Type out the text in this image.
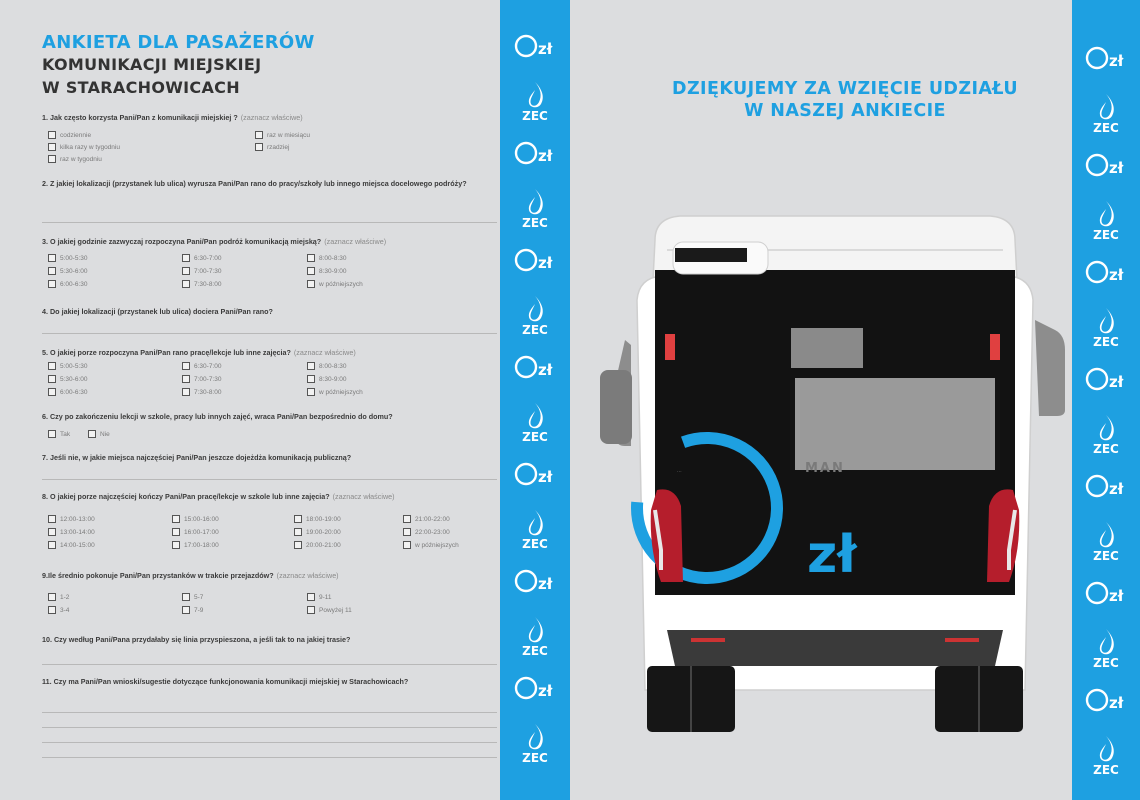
ANKIETA DLA PASAŻERÓW
KOMUNIKACJI MIEJSKIEJ
W STARACHOWICACH
1. Jak często korzysta Pani/Pan z komunikacji miejskiej ? (zaznacz właściwe)
codziennie
kilka razy w tygodniu
raz w tygodniu
raz w miesiącu
rzadziej
2. Z jakiej lokalizacji (przystanek lub ulica) wyrusza Pani/Pan rano do pracy/szkoły lub innego miejsca docelowego podróży?
3. O jakiej godzinie zazwyczaj rozpoczyna Pani/Pan podróż komunikacją miejską? (zaznacz właściwe)
5:00-5:30
5:30-6:00
6:00-6:30
6:30-7:00
7:00-7:30
7:30-8:00
8:00-8:30
8:30-9:00
w późniejszych
4. Do jakiej lokalizacji (przystanek lub ulica) dociera Pani/Pan rano?
5. O jakiej porze rozpoczyna Pani/Pan rano pracę/lekcje lub inne zajęcia? (zaznacz właściwe)
5:00-5:30
5:30-6:00
6:00-6:30
6:30-7:00
7:00-7:30
7:30-8:00
8:00-8:30
8:30-9:00
w późniejszych
6. Czy po zakończeniu lekcji w szkole, pracy lub innych zajęć, wraca Pani/Pan bezpośrednio do domu?
Tak	Nie
7. Jeśli nie, w jakie miejsca najczęściej Pani/Pan jeszcze dojeżdża komunikacją publiczną?
8. O jakiej porze najczęściej kończy Pani/Pan pracę/lekcje w szkole lub inne zajęcia? (zaznacz właściwe)
12:00-13:00
13:00-14:00
14:00-15:00
15:00-16:00
16:00-17:00
17:00-18:00
18:00-19:00
19:00-20:00
20:00-21:00
21:00-22:00
22:00-23:00
w późniejszych
9.Ile średnio pokonuje Pani/Pan przystanków w trakcie przejazdów? (zaznacz właściwe)
1-2
3-4
5-7
7-9
9-11
Powyżej 11
10. Czy według Pani/Pana przydałaby się linia przyspieszona, a jeśli tak to na jakiej trasie?
11. Czy ma Pani/Pan wnioski/sugestie dotyczące funkcjonowania komunikacji miejskiej w Starachowicach?
zł
ZEC
zł
ZEC
zł
ZEC
zł
ZEC
zł
ZEC
zł
ZEC
zł
ZEC
zł
ZEC
zł
ZEC
zł
ZEC
zł
ZEC
zł
ZEC
zł
ZEC
zł
ZEC
DZIĘKUJEMY ZA WZIĘCIE UDZIAŁU
W NASZEJ ANKIECIE
zł
MAN
...
